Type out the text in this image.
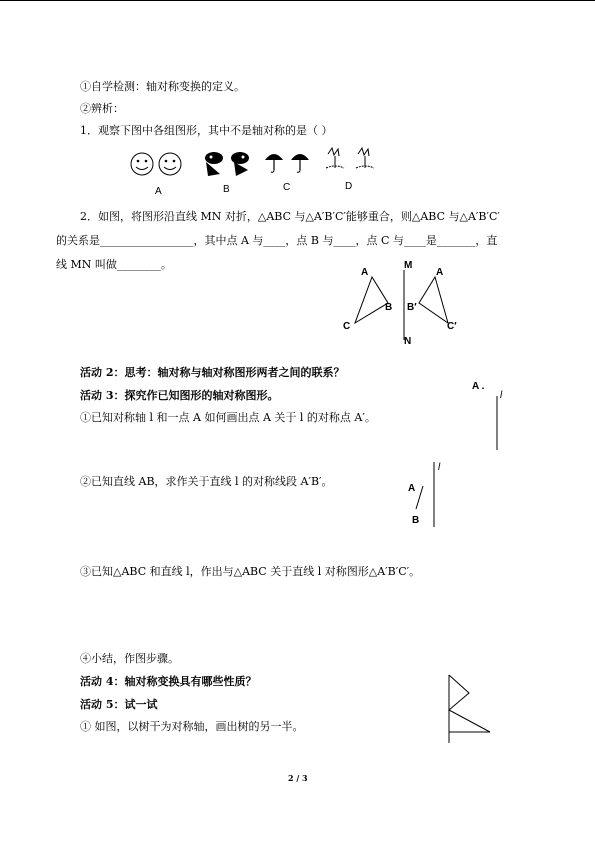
①自学检测：轴对称变换的定义。
②辨析：
1．观察下图中各组图形，其中不是轴对称的是（ ）
A	B	C	D
2．如图，将图形沿直线 MN 对折，△ABC 与△A′B′C′能够重合，则△ABC 与△A′B′C′
的关系是_________________，其中点 A 与____，点 B 与____，点 C 与____是_______，直
线 MN 叫做________。
A
B
C
M
N
A
B′
C′
活动 2：思考：轴对称与轴对称图形两者之间的联系？
活动 3：探究作已知图形的轴对称图形。
①已知对称轴 l 和一点 A 如何画出点 A 关于 l 的对称点 A′。
A .
l
②已知直线 AB，求作关于直线 l 的对称线段 A′B′。
A
B
l
③已知△ABC 和直线 l，作出与△ABC 关于直线 l 对称图形△A′B′C′。
④小结，作图步骤。
活动 4：轴对称变换具有哪些性质？
活动 5：试一试
① 如图，以树干为对称轴，画出树的另一半。
2 / 3
